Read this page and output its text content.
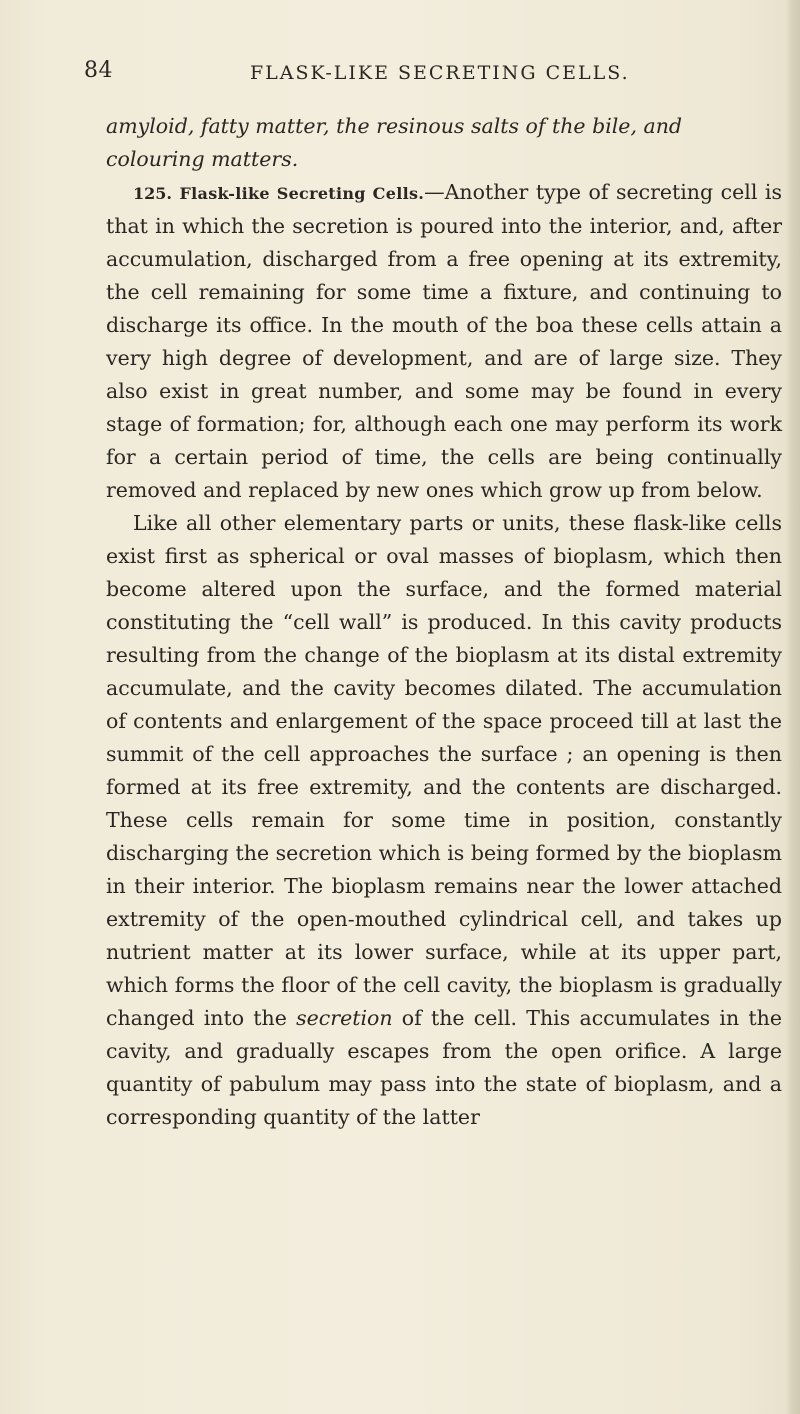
84	FLASK-LIKE SECRETING CELLS.

amyloid, fatty matter, the resinous salts of the bile, and colouring matters.

125. Flask-like Secreting Cells.—Another type of secreting cell is that in which the secretion is poured into the interior, and, after accumulation, discharged from a free opening at its extremity, the cell remaining for some time a fixture, and continuing to discharge its office. In the mouth of the boa these cells attain a very high degree of development, and are of large size. They also exist in great number, and some may be found in every stage of formation; for, although each one may perform its work for a certain period of time, the cells are being continually removed and replaced by new ones which grow up from below.

Like all other elementary parts or units, these flask-like cells exist first as spherical or oval masses of bioplasm, which then become altered upon the surface, and the formed material constituting the “cell wall” is produced. In this cavity products resulting from the change of the bioplasm at its distal extremity accumulate, and the cavity becomes dilated. The accumulation of contents and enlargement of the space proceed till at last the summit of the cell approaches the surface ; an opening is then formed at its free extremity, and the contents are discharged. These cells remain for some time in position, constantly discharging the secretion which is being formed by the bioplasm in their interior. The bioplasm remains near the lower attached extremity of the open-mouthed cylindrical cell, and takes up nutrient matter at its lower surface, while at its upper part, which forms the floor of the cell cavity, the bioplasm is gradually changed into the secretion of the cell. This accumulates in the cavity, and gradually escapes from the open orifice. A large quantity of pabulum may pass into the state of bioplasm, and a corresponding quantity of the latter
